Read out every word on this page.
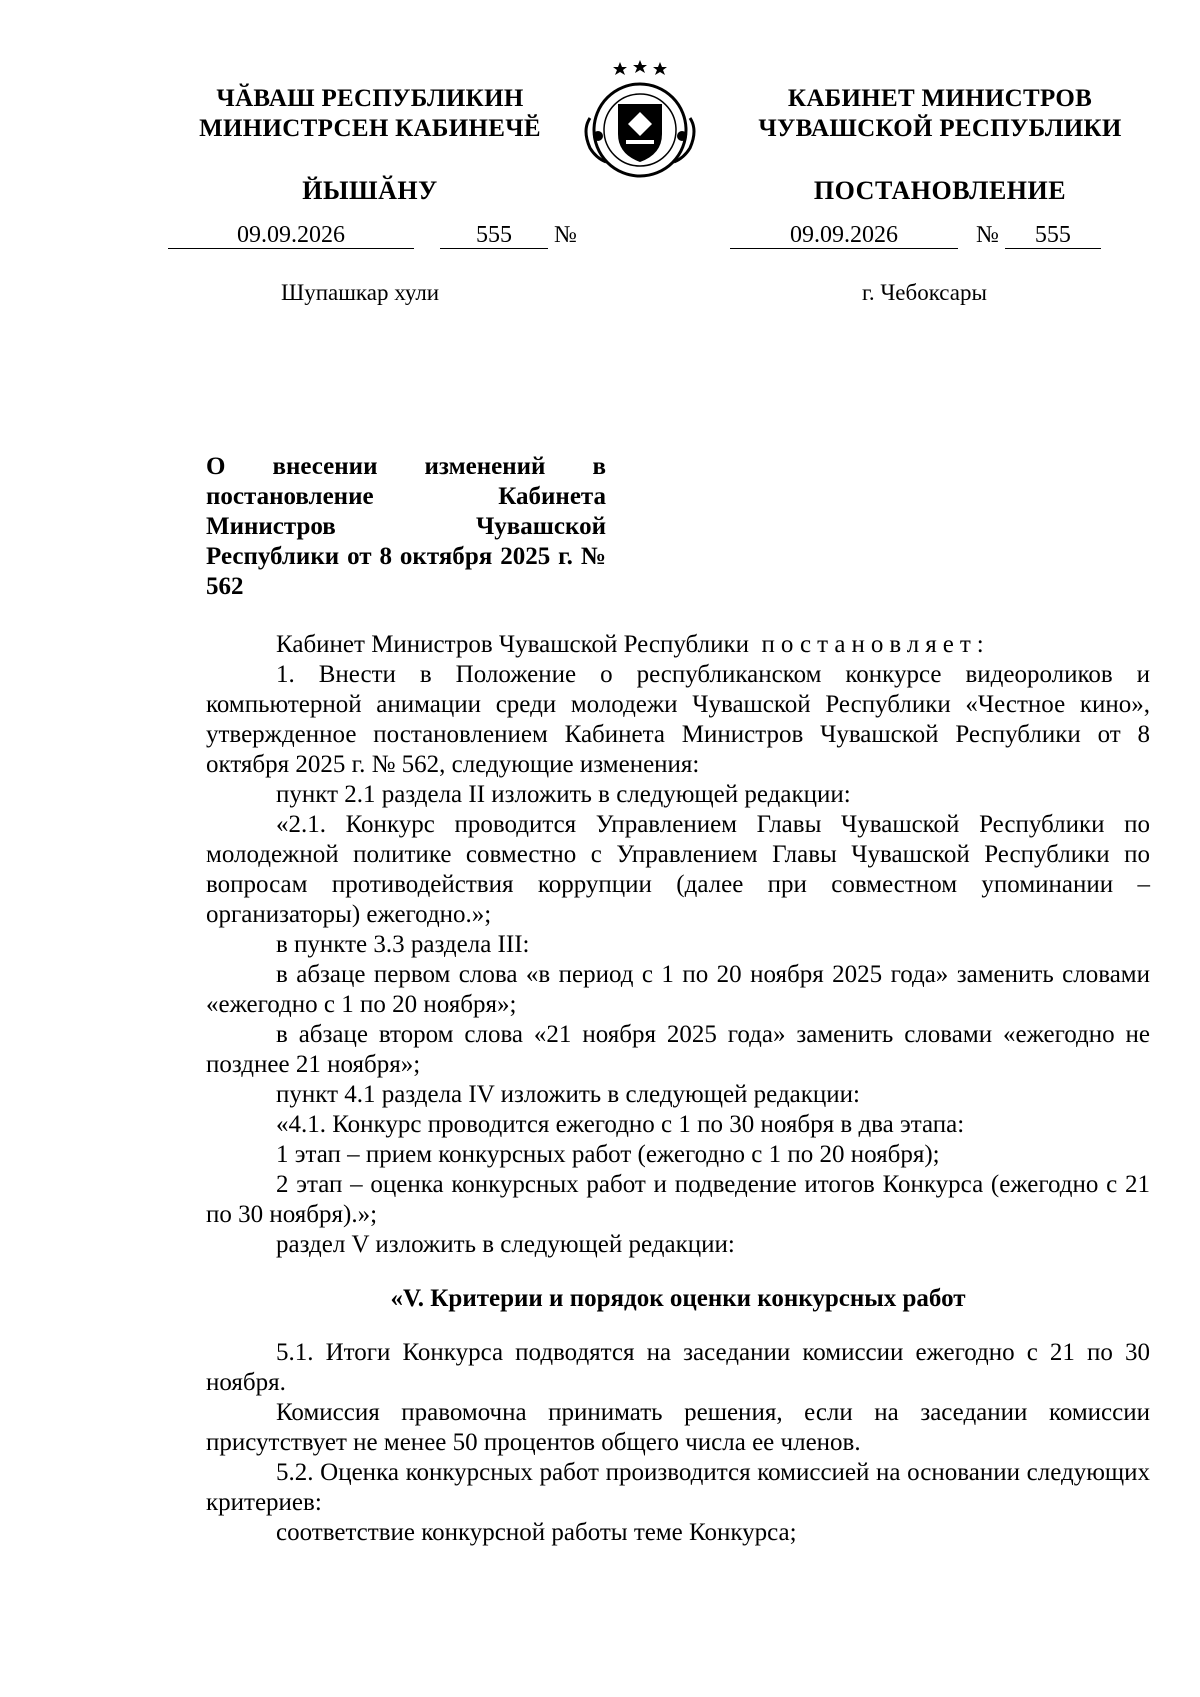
ЧӐВАШ РЕСПУБЛИКИН
МИНИСТРСЕН КАБИНЕЧӖ
ЙЫШӐНУ
КАБИНЕТ МИНИСТРОВ
ЧУВАШСКОЙ РЕСПУБЛИКИ
ПОСТАНОВЛЕНИЕ
09.09.2026	555 №	09.09.2026	№ 555
Шупашкар хули	г. Чебоксары
О внесении изменений в постановление Кабинета Министров Чувашской Республики от 8 октября 2025 г. № 562

Кабинет Министров Чувашской Республики постановляет:

1. Внести в Положение о республиканском конкурсе видеороликов и компьютерной анимации среди молодежи Чувашской Республики «Честное кино», утвержденное постановлением Кабинета Министров Чувашской Республики от 8 октября 2025 г. № 562, следующие изменения:

пункт 2.1 раздела II изложить в следующей редакции:

«2.1. Конкурс проводится Управлением Главы Чувашской Республики по молодежной политике совместно с Управлением Главы Чувашской Республики по вопросам противодействия коррупции (далее при совместном упоминании – организаторы) ежегодно.»;

в пункте 3.3 раздела III:

в абзаце первом слова «в период с 1 по 20 ноября 2025 года» заменить словами «ежегодно с 1 по 20 ноября»;

в абзаце втором слова «21 ноября 2025 года» заменить словами «ежегодно не позднее 21 ноября»;

пункт 4.1 раздела IV изложить в следующей редакции:

«4.1. Конкурс проводится ежегодно с 1 по 30 ноября в два этапа:

1 этап – прием конкурсных работ (ежегодно с 1 по 20 ноября);

2 этап – оценка конкурсных работ и подведение итогов Конкурса (ежегодно с 21 по 30 ноября).»;

раздел V изложить в следующей редакции:

«V. Критерии и порядок оценки конкурсных работ

5.1. Итоги Конкурса подводятся на заседании комиссии ежегодно с 21 по 30 ноября.

Комиссия правомочна принимать решения, если на заседании комиссии присутствует не менее 50 процентов общего числа ее членов.

5.2. Оценка конкурсных работ производится комиссией на основании следующих критериев:

соответствие конкурсной работы теме Конкурса;
